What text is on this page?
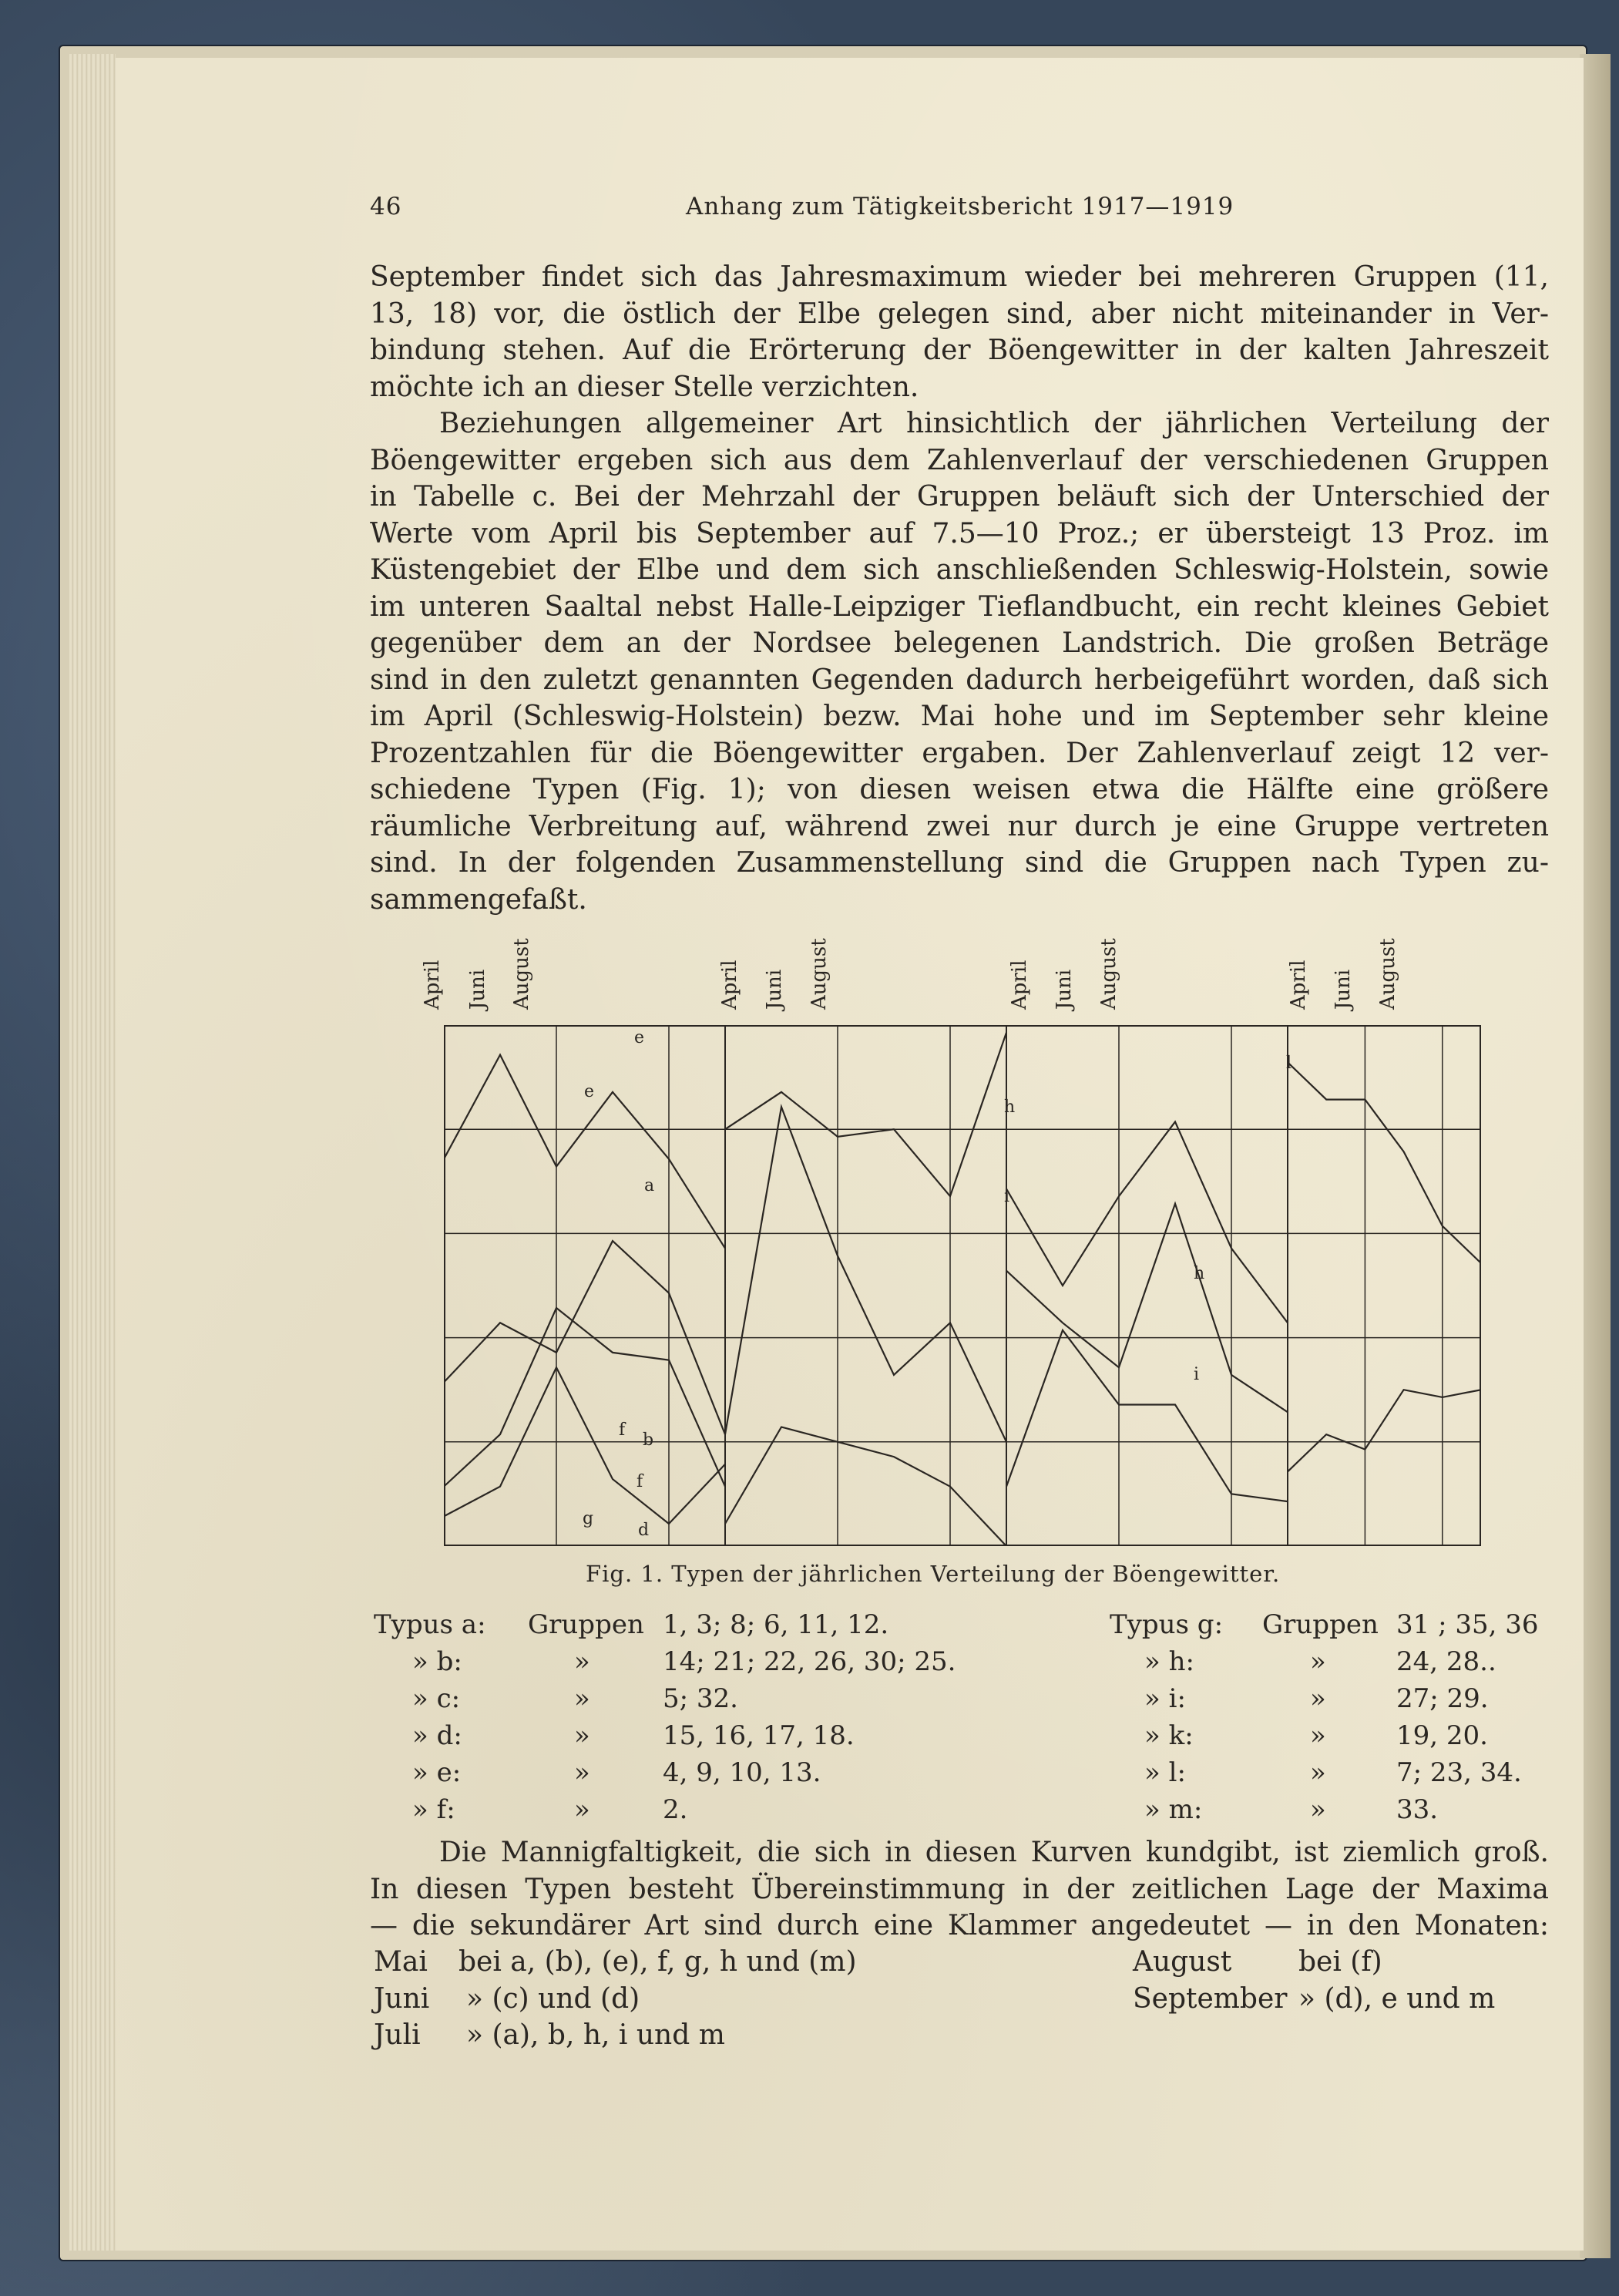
46	Anhang zum Tätigkeitsbericht 1917—1919
September findet sich das Jahresmaximum wieder bei mehreren Gruppen (11,
13, 18) vor, die östlich der Elbe gelegen sind, aber nicht miteinander in Ver-
bindung stehen. Auf die Erörterung der Böengewitter in der kalten Jahreszeit
möchte ich an dieser Stelle verzichten.
Beziehungen allgemeiner Art hinsichtlich der jährlichen Verteilung der
Böengewitter ergeben sich aus dem Zahlenverlauf der verschiedenen Gruppen
in Tabelle c. Bei der Mehrzahl der Gruppen beläuft sich der Unterschied der
Werte vom April bis September auf 7.5—10 Proz.; er übersteigt 13 Proz. im
Küstengebiet der Elbe und dem sich anschließenden Schleswig-Holstein, sowie
im unteren Saaltal nebst Halle-Leipziger Tieflandbucht, ein recht kleines Gebiet
gegenüber dem an der Nordsee belegenen Landstrich. Die großen Beträge
sind in den zuletzt genannten Gegenden dadurch herbeigeführt worden, daß sich
im April (Schleswig-Holstein) bezw. Mai hohe und im September sehr kleine
Prozentzahlen für die Böengewitter ergaben. Der Zahlenverlauf zeigt 12 ver-
schiedene Typen (Fig. 1); von diesen weisen etwa die Hälfte eine größere
räumliche Verbreitung auf, während zwei nur durch je eine Gruppe vertreten
sind. In der folgenden Zusammenstellung sind die Gruppen nach Typen zu-
sammengefaßt.
April Juni August	April Juni August	April Juni August	April Juni August
a
b
d
e
e
f
f
g
h
h
i
i
l
Fig. 1. Typen der jährlichen Verteilung der Böengewitter.
Typus a: Gruppen 1, 3; 8; 6, 11, 12.
» b:	»	14; 21; 22, 26, 30; 25.
» c:	»	5; 32.
» d:	»	15, 16, 17, 18.
» e:	»	4, 9, 10, 13.
» f:	»	2.
Typus g: Gruppen 31 ; 35, 36
» h:	»	24, 28..
» i:	»	27; 29.
» k:	»	19, 20.
» l:	»	7; 23, 34.
» m:	»	33.
Die Mannigfaltigkeit, die sich in diesen Kurven kundgibt, ist ziemlich groß.
In diesen Typen besteht Übereinstimmung in der zeitlichen Lage der Maxima
— die sekundärer Art sind durch eine Klammer angedeutet — in den Monaten:
Mai bei a, (b), (e), f, g, h und (m)
Juni » (c) und (d)
Juli » (a), b, h, i und m
August bei (f)
September » (d), e und m
